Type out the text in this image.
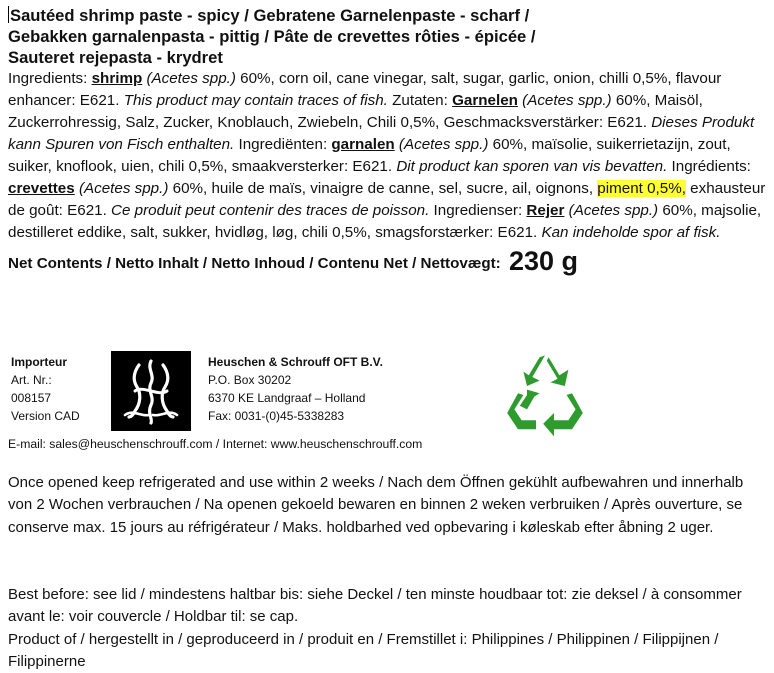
Sautéed shrimp paste - spicy / Gebratene Garnelenpaste - scharf /
Gebakken garnalenpasta - pittig / Pâte de crevettes rôties - épicée /
Sauteret rejepasta - krydret

Ingredients: shrimp (Acetes spp.) 60%, corn oil, cane vinegar, salt, sugar, garlic, onion, chilli 0,5%, flavour enhancer: E621. This product may contain traces of fish. Zutaten: Garnelen (Acetes spp.) 60%, Maisöl, Zuckerrohressig, Salz, Zucker, Knoblauch, Zwiebeln, Chili 0,5%, Geschmacksverstärker: E621. Dieses Produkt kann Spuren von Fisch enthalten. Ingrediënten: garnalen (Acetes spp.) 60%, maïsolie, suikerrietazijn, zout, suiker, knoflook, uien, chili 0,5%, smaakversterker: E621. Dit product kan sporen van vis bevatten. Ingrédients: crevettes (Acetes spp.) 60%, huile de maïs, vinaigre de canne, sel, sucre, ail, oignons, piment 0,5%, exhausteur de goût: E621. Ce produit peut contenir des traces de poisson. Ingredienser: Rejer (Acetes spp.) 60%, majsolie, destilleret eddike, salt, sukker, hvidløg, løg, chili 0,5%, smagsforstærker: E621. Kan indeholde spor af fisk.

Net Contents / Netto Inhalt / Netto Inhoud / Contenu Net / Nettovægt: 230 g
Importeur
Art. Nr.:
008157
Version CAD
Heuschen & Schrouff OFT B.V.
P.O. Box 30202
6370 KE Landgraaf – Holland
Fax: 0031-(0)45-5338283
E-mail: sales@heuschenschrouff.com / Internet: www.heuschenschrouff.com

Once opened keep refrigerated and use within 2 weeks / Nach dem Öffnen gekühlt aufbewahren und innerhalb von 2 Wochen verbrauchen / Na openen gekoeld bewaren en binnen 2 weken verbruiken / Après ouverture, se conserve max. 15 jours au réfrigérateur / Maks. holdbarhed ved opbevaring i køleskab efter åbning 2 uger.

Best before: see lid / mindestens haltbar bis: siehe Deckel / ten minste houdbaar tot: zie deksel / à consommer avant le: voir couvercle / Holdbar til: se cap.
Product of / hergestellt in / geproduceerd in / produit en / Fremstillet i: Philippines / Philippinen / Filippijnen / Filippinerne
